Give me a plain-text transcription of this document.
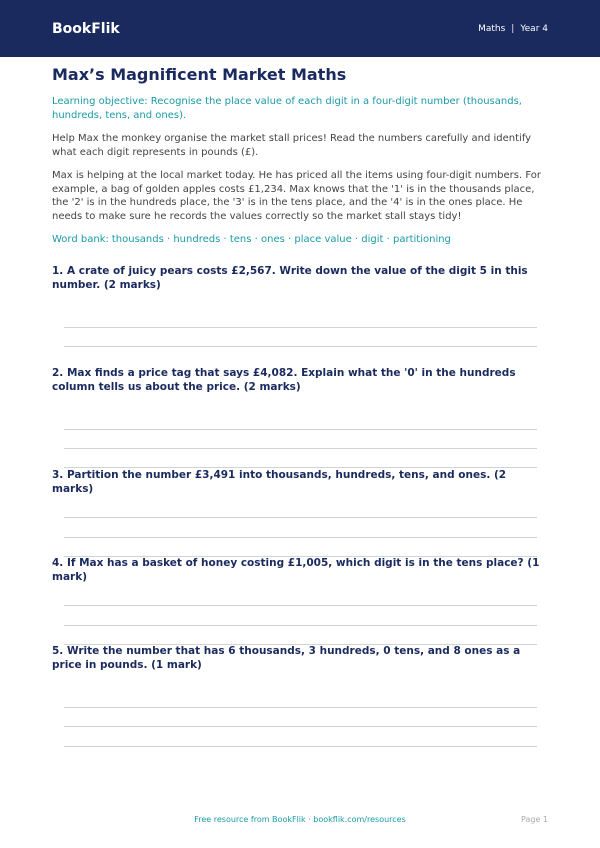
BookFlik	Maths | Year 4
Max’s Magnificent Market Maths

Learning objective: Recognise the place value of each digit in a four-digit number (thousands, hundreds, tens, and ones).

Help Max the monkey organise the market stall prices! Read the numbers carefully and identify what each digit represents in pounds (£).

Max is helping at the local market today. He has priced all the items using four-digit numbers. For example, a bag of golden apples costs £1,234. Max knows that the '1' is in the thousands place, the '2' is in the hundreds place, the '3' is in the tens place, and the '4' is in the ones place. He needs to make sure he records the values correctly so the market stall stays tidy!

Word bank: thousands · hundreds · tens · ones · place value · digit · partitioning

1. A crate of juicy pears costs £2,567. Write down the value of the digit 5 in this number. (2 marks)
2. Max finds a price tag that says £4,082. Explain what the '0' in the hundreds column tells us about the price. (2 marks)
3. Partition the number £3,491 into thousands, hundreds, tens, and ones. (2 marks)
4. If Max has a basket of honey costing £1,005, which digit is in the tens place? (1 mark)
5. Write the number that has 6 thousands, 3 hundreds, 0 tens, and 8 ones as a price in pounds. (1 mark)
Free resource from BookFlik · bookflik.com/resources	Page 1
